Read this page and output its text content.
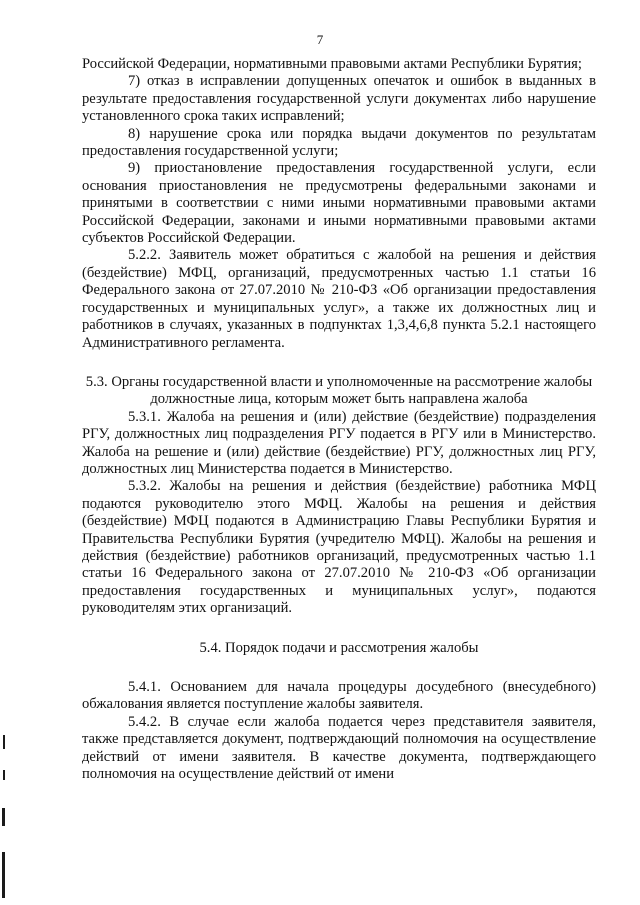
7

Российской Федерации, нормативными правовыми актами Республики Бурятия;

7) отказ в исправлении допущенных опечаток и ошибок в выданных в результате предоставления государственной услуги документах либо нарушение установленного срока таких исправлений;

8) нарушение срока или порядка выдачи документов по результатам предоставления государственной услуги;

9) приостановление предоставления государственной услуги, если основания приостановления не предусмотрены федеральными законами и принятыми в соответствии с ними иными нормативными правовыми актами Российской Федерации, законами и иными нормативными правовыми актами субъектов Российской Федерации.

5.2.2. Заявитель может обратиться с жалобой на решения и действия (бездействие) МФЦ, организаций, предусмотренных частью 1.1 статьи 16 Федерального закона от 27.07.2010 № 210-ФЗ «Об организации предоставления государственных и муниципальных услуг», а также их должностных лиц и работников в случаях, указанных в подпунктах 1,3,4,6,8 пункта 5.2.1 настоящего Административного регламента.

5.3. Органы государственной власти и уполномоченные на рассмотрение жалобы должностные лица, которым может быть направлена жалоба

5.3.1. Жалоба на решения и (или) действие (бездействие) подразделения РГУ, должностных лиц подразделения РГУ подается в РГУ или в Министерство. Жалоба на решение и (или) действие (бездействие) РГУ, должностных лиц РГУ, должностных лиц Министерства подается в Министерство.

5.3.2. Жалобы на решения и действия (бездействие) работника МФЦ подаются руководителю этого МФЦ. Жалобы на решения и действия (бездействие) МФЦ подаются в Администрацию Главы Республики Бурятия и Правительства Республики Бурятия (учредителю МФЦ). Жалобы на решения и действия (бездействие) работников организаций, предусмотренных частью 1.1 статьи 16 Федерального закона от 27.07.2010 № 210-ФЗ «Об организации предоставления государственных и муниципальных услуг», подаются руководителям этих организаций.

5.4. Порядок подачи и рассмотрения жалобы

5.4.1. Основанием для начала процедуры досудебного (внесудебного) обжалования является поступление жалобы заявителя.

5.4.2. В случае если жалоба подается через представителя заявителя, также представляется документ, подтверждающий полномочия на осуществление действий от имени заявителя. В качестве документа, подтверждающего полномочия на осуществление действий от имени
